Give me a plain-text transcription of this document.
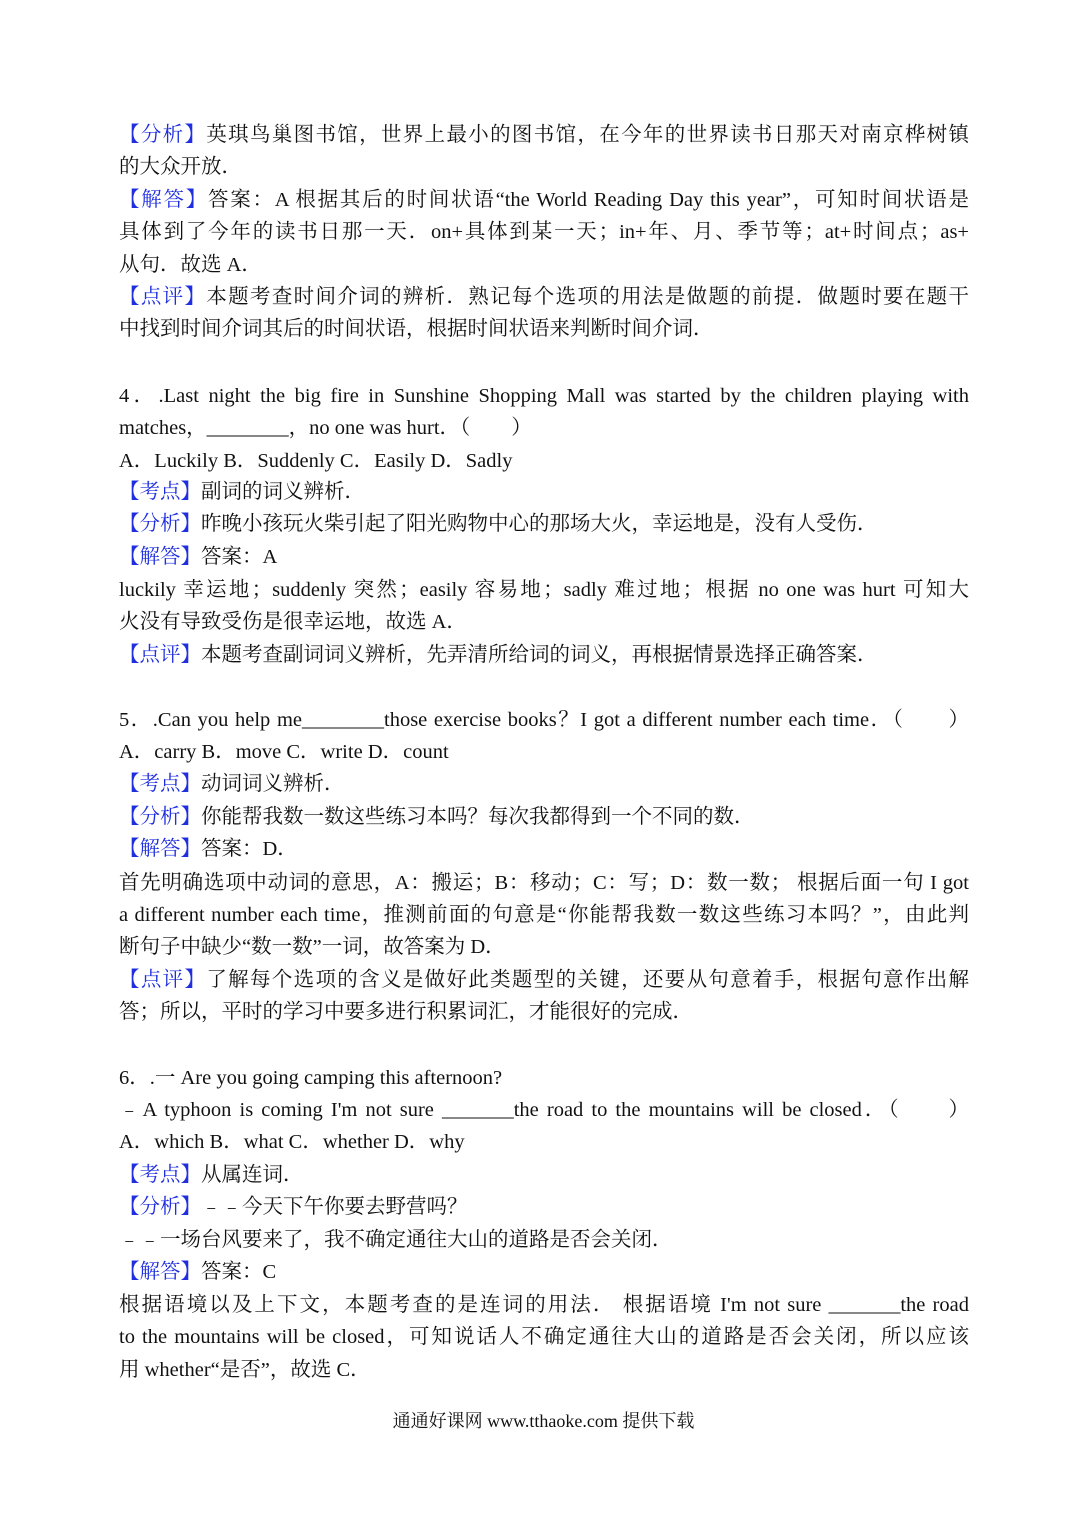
【分析】英琪鸟巢图书馆，世界上最小的图书馆，在今年的世界读书日那天对南京桦树镇
的大众开放．
【解答】答案：A 根据其后的时间状语“the World Reading Day this year”，可知时间状语是
具体到了今年的读书日那一天．on+具体到某一天；in+年、月、季节等；at+时间点；as+
从句．故选 A．
【点评】本题考查时间介词的辨析．熟记每个选项的用法是做题的前提．做题时要在题干
中找到时间介词其后的时间状语，根据时间状语来判断时间介词．
4．.Last night the big fire in Sunshine Shopping Mall was started by the children playing with
matches，________，no one was hurt．（　　）
A．Luckily B．Suddenly C．Easily D．Sadly
【考点】副词的词义辨析．
【分析】昨晚小孩玩火柴引起了阳光购物中心的那场大火，幸运地是，没有人受伤．
【解答】答案：A
luckily 幸运地；suddenly 突然；easily 容易地；sadly 难过地；根据 no one was hurt 可知大
火没有导致受伤是很幸运地，故选 A．
【点评】本题考查副词词义辨析，先弄清所给词的词义，再根据情景选择正确答案．
5．.Can you help me________those exercise books？I got a different number each time．（　　）
A．carry B．move C．write D．count
【考点】动词词义辨析．
【分析】你能帮我数一数这些练习本吗？每次我都得到一个不同的数．
【解答】答案：D．
首先明确选项中动词的意思，A：搬运；B：移动；C：写；D：数一数； 根据后面一句 I got
a different number each time，推测前面的句意是“你能帮我数一数这些练习本吗？”，由此判
断句子中缺少“数一数”一词，故答案为 D．
【点评】了解每个选项的含义是做好此类题型的关键，还要从句意着手，根据句意作出解
答；所以，平时的学习中要多进行积累词汇，才能很好的完成．
6．.一 Are you going camping this afternoon?
﹣A typhoon is coming I'm not sure _______the road to the mountains will be closed．（　　）
A．which B．what C．whether D．why
【考点】从属连词．
【分析】﹣﹣今天下午你要去野营吗？
﹣﹣一场台风要来了，我不确定通往大山的道路是否会关闭．
【解答】答案：C
根据语境以及上下文，本题考查的是连词的用法． 根据语境 I'm not sure _______the road
to the mountains will be closed，可知说话人不确定通往大山的道路是否会关闭，所以应该
用 whether“是否”，故选 C．
通通好课网 www.tthaoke.com 提供下载
